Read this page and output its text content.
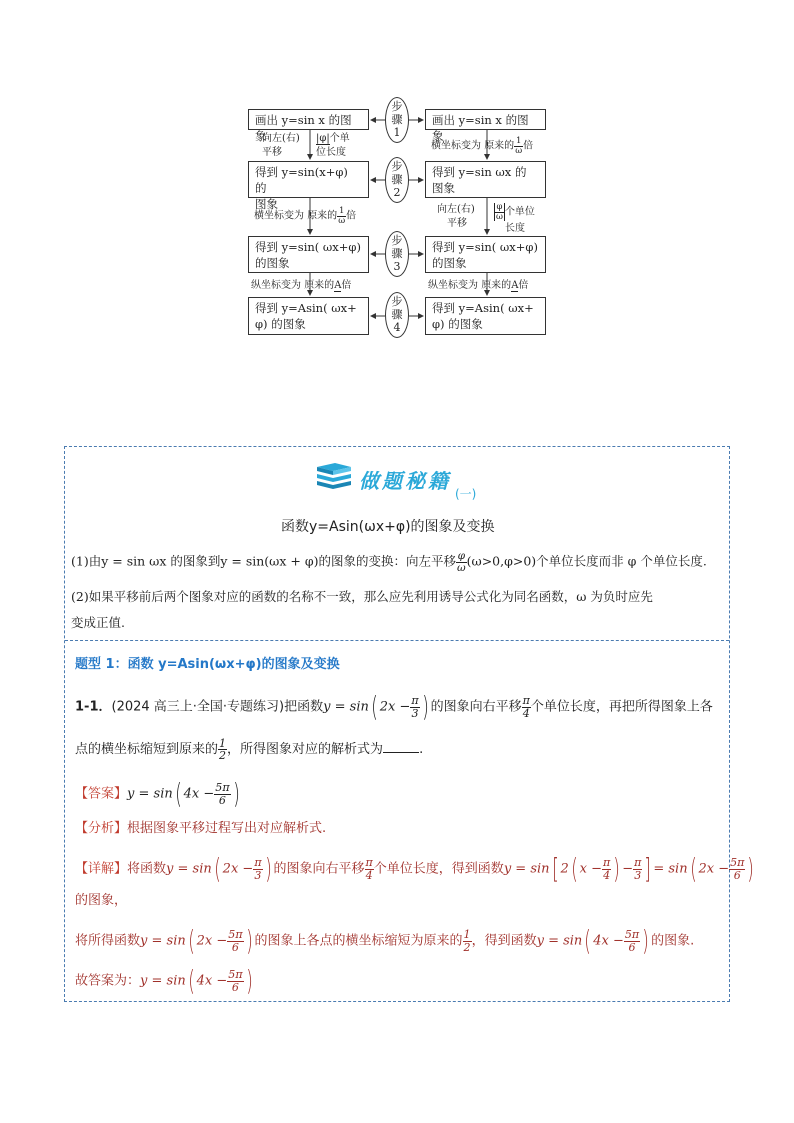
画出 y=sin x 的图象
向左(右)
平移
|φ|个单
位长度
得到 y=sin(x+φ) 的
图象
横坐标变为 原来的 $\frac{1}{\omega}$ 倍
得到 y=sin( ωx+φ)
的图象
纵坐标变为 原来的A倍
得到 y=Asin( ωx+
φ) 的图象
步
骤
1
步
骤
2
步
骤
3
步
骤
4
画出 y=sin x 的图象
横坐标变为 原来的 $\frac{1}{\omega}$ 倍
得到 y=sin ωx 的
图象
向左(右)
平移
$\frac{\varphi}{\omega}$ 个单位
长度
得到 y=sin( ωx+φ)
的图象
纵坐标变为 原来的A倍
得到 y=Asin( ωx+
φ) 的图象
做题秘籍
(一)
函数y=Asin(ωx+φ)的图象及变换
(1)由y = sin ωx 的图象到y = sin(ωx + φ)的图象的变换：向左平移 $\frac{\varphi}{\omega} (\omega>0,\varphi>0)$个单位长度而非 φ 个单位长度.
(2)如果平移前后两个图象对应的函数的名称不一致，那么应先利用诱导公式化为同名函数，ω 为负时应先
变成正值.
题型 1：函数 y=Asin(ωx+φ)的图象及变换
1-1．(2024 高三上·全国·专题练习)把函数y = sin( $2x - \frac{\pi}{3}$ ) 的图象向右平移 $\frac{\pi}{4}$ 个单位长度，再把所得图象上各
点的横坐标缩短到原来的 $\frac{1}{2}$ ，所得图象对应的解析式为	.
【答案】y = sin( $4x - \frac{5\pi}{6}$ )
【分析】根据图象平移过程写出对应解析式.
【详解】将函数y = sin( $2x - \frac{\pi}{3}$ ) 的图象向右平移 $\frac{\pi}{4}$ 个单位长度，得到函数y = sin[ 2( $x - \frac{\pi}{4}$ ) − $\frac{\pi}{3}$ ] = sin( $2x - \frac{5\pi}{6}$ )
的图象，
将所得函数y = sin( $2x - \frac{5\pi}{6}$ ) 的图象上各点的横坐标缩短为原来的 $\frac{1}{2}$ ，得到函数y = sin( $4x - \frac{5\pi}{6}$ ) 的图象.
故答案为：y = sin( $4x - \frac{5\pi}{6}$ )
